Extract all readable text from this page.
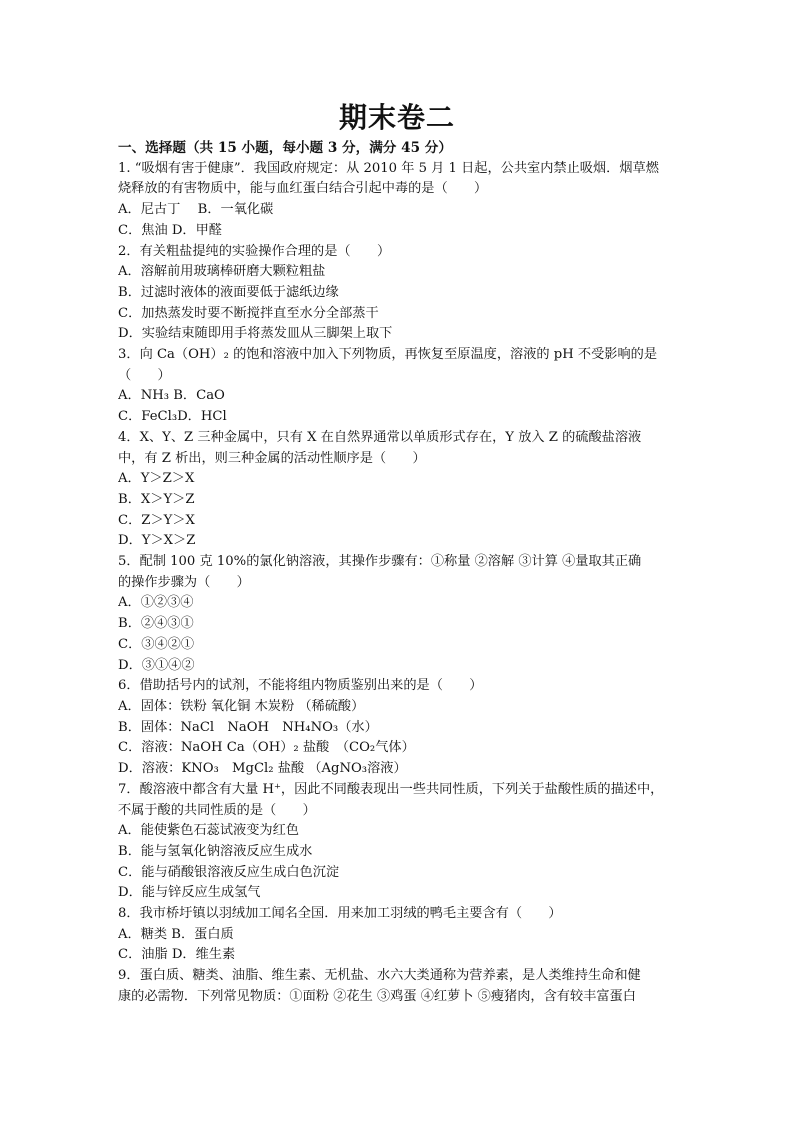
期末卷二
一、选择题（共 15 小题，每小题 3 分，满分 45 分）
1. “吸烟有害于健康”．我国政府规定：从 2010 年 5 月 1 日起，公共室内禁止吸烟．烟草燃
烧释放的有害物质中，能与血红蛋白结合引起中毒的是（　　）
A．尼古丁　 B．一氧化碳
C．焦油 D．甲醛
2．有关粗盐提纯的实验操作合理的是（　　）
A．溶解前用玻璃棒研磨大颗粒粗盐
B．过滤时液体的液面要低于滤纸边缘
C．加热蒸发时要不断搅拌直至水分全部蒸干
D．实验结束随即用手将蒸发皿从三脚架上取下
3．向 Ca（OH）₂ 的饱和溶液中加入下列物质，再恢复至原温度，溶液的 pH 不受影响的是
（　　）
A．NH₃ B．CaO
C．FeCl₃D．HCl
4．X、Y、Z 三种金属中，只有 X 在自然界通常以单质形式存在，Y 放入 Z 的硫酸盐溶液
中，有 Z 析出，则三种金属的活动性顺序是（　　）
A．Y＞Z＞X
B．X＞Y＞Z
C．Z＞Y＞X
D．Y＞X＞Z
5．配制 100 克 10%的氯化钠溶液，其操作步骤有：①称量 ②溶解 ③计算 ④量取其正确
的操作步骤为（　　）
A．①②③④
B．②④③①
C．③④②①
D．③①④②
6．借助括号内的试剂，不能将组内物质鉴别出来的是（　　）
A．固体：铁粉 氧化铜 木炭粉 （稀硫酸）
B．固体：NaCl　NaOH　NH₄NO₃（水）
C．溶液：NaOH Ca（OH）₂ 盐酸　（CO₂气体）
D．溶液：KNO₃　MgCl₂ 盐酸 （AgNO₃溶液）
7．酸溶液中都含有大量 H⁺，因此不同酸表现出一些共同性质，下列关于盐酸性质的描述中，
不属于酸的共同性质的是（　　）
A．能使紫色石蕊试液变为红色
B．能与氢氧化钠溶液反应生成水
C．能与硝酸银溶液反应生成白色沉淀
D．能与锌反应生成氢气
8．我市桥圩镇以羽绒加工闻名全国．用来加工羽绒的鸭毛主要含有（　　）
A．糖类 B．蛋白质
C．油脂 D．维生素
9．蛋白质、糖类、油脂、维生素、无机盐、水六大类通称为营养素，是人类维持生命和健
康的必需物．下列常见物质：①面粉 ②花生 ③鸡蛋 ④红萝卜 ⑤瘦猪肉，含有较丰富蛋白
